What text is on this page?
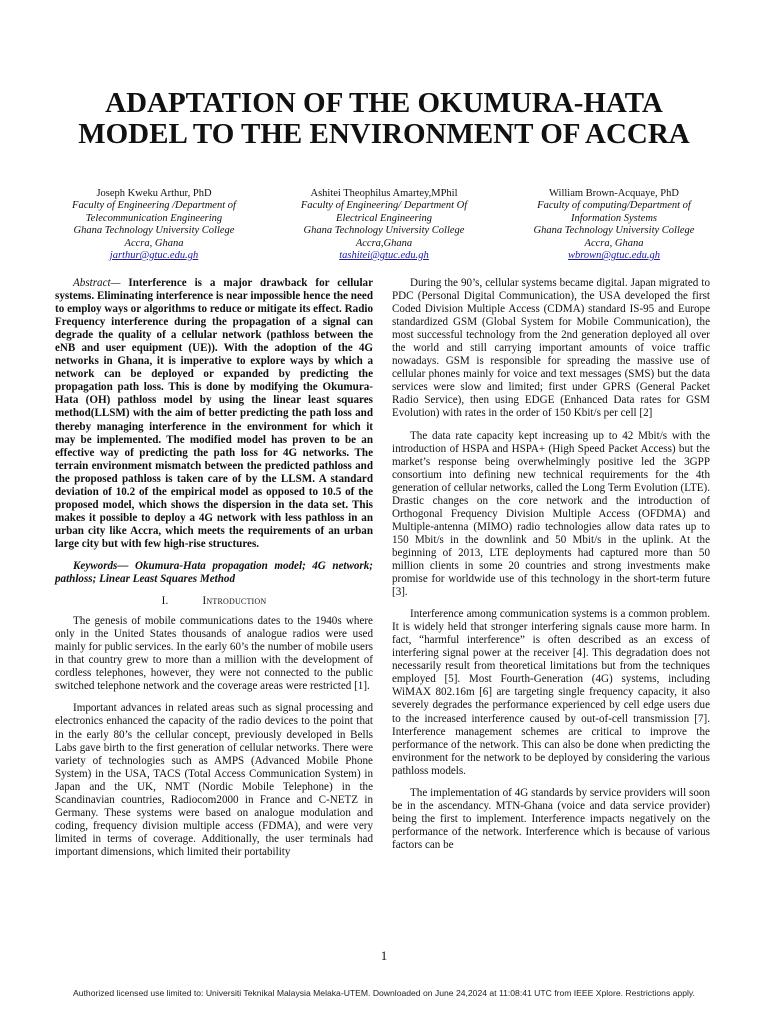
ADAPTATION OF THE OKUMURA-HATA MODEL TO THE ENVIRONMENT OF ACCRA
Joseph Kweku Arthur, PhD
Faculty of Engineering /Department of
Telecommunication Engineering
Ghana Technology University College
Accra, Ghana
jarthur@gtuc.edu.gh
Ashitei Theophilus Amartey,MPhil
Faculty of Engineering/ Department Of
Electrical Engineering
Ghana Technology University College
Accra,Ghana
tashitei@gtuc.edu.gh
William Brown-Acquaye, PhD
Faculty of computing/Department of
Information Systems
Ghana Technology University College
Accra, Ghana
wbrown@gtuc.edu.gh

Abstract— Interference is a major drawback for cellular systems. Eliminating interference is near impossible hence the need to employ ways or algorithms to reduce or mitigate its effect. Radio Frequency interference during the propagation of a signal can degrade the quality of a cellular network (pathloss between the eNB and user equipment (UE)). With the adoption of the 4G networks in Ghana, it is imperative to explore ways by which a network can be deployed or expanded by predicting the propagation path loss. This is done by modifying the Okumura-Hata (OH) pathloss model by using the linear least squares method(LLSM) with the aim of better predicting the path loss and thereby managing interference in the environment for which it may be implemented. The modified model has proven to be an effective way of predicting the path loss for 4G networks. The terrain environment mismatch between the predicted pathloss and the proposed pathloss is taken care of by the LLSM. A standard deviation of 10.2 of the empirical model as opposed to 10.5 of the proposed model, which shows the dispersion in the data set. This makes it possible to deploy a 4G network with less pathloss in an urban city like Accra, which meets the requirements of an urban large city but with few high-rise structures.

Keywords— Okumura-Hata propagation model; 4G network; pathloss; Linear Least Squares Method

I.	Introduction

The genesis of mobile communications dates to the 1940s where only in the United States thousands of analogue radios were used mainly for public services. In the early 60’s the number of mobile users in that country grew to more than a million with the development of cordless telephones, however, they were not connected to the public switched telephone network and the coverage areas were restricted [1].

Important advances in related areas such as signal processing and electronics enhanced the capacity of the radio devices to the point that in the early 80’s the cellular concept, previously developed in Bells Labs gave birth to the first generation of cellular networks. There were variety of technologies such as AMPS (Advanced Mobile Phone System) in the USA, TACS (Total Access Communication System) in Japan and the UK, NMT (Nordic Mobile Telephone) in the Scandinavian countries, Radiocom2000 in France and C-NETZ in Germany. These systems were based on analogue modulation and coding, frequency division multiple access (FDMA), and were very limited in terms of coverage. Additionally, the user terminals had important dimensions, which limited their portability

During the 90’s, cellular systems became digital. Japan migrated to PDC (Personal Digital Communication), the USA developed the first Coded Division Multiple Access (CDMA) standard IS-95 and Europe standardized GSM (Global System for Mobile Communication), the most successful technology from the 2nd generation deployed all over the world and still carrying important amounts of voice traffic nowadays. GSM is responsible for spreading the massive use of cellular phones mainly for voice and text messages (SMS) but the data services were slow and limited; first under GPRS (General Packet Radio Service), then using EDGE (Enhanced Data rates for GSM Evolution) with rates in the order of 150 Kbit/s per cell [2]

The data rate capacity kept increasing up to 42 Mbit/s with the introduction of HSPA and HSPA+ (High Speed Packet Access) but the market’s response being overwhelmingly positive led the 3GPP consortium into defining new technical requirements for the 4th generation of cellular networks, called the Long Term Evolution (LTE). Drastic changes on the core network and the introduction of Orthogonal Frequency Division Multiple Access (OFDMA) and Multiple-antenna (MIMO) radio technologies allow data rates up to 150 Mbit/s in the downlink and 50 Mbit/s in the uplink. At the beginning of 2013, LTE deployments had captured more than 50 million clients in some 20 countries and strong investments make promise for worldwide use of this technology in the short-term future [3].

Interference among communication systems is a common problem. It is widely held that stronger interfering signals cause more harm. In fact, “harmful interference” is often described as an excess of interfering signal power at the receiver [4]. This degradation does not necessarily result from theoretical limitations but from the techniques employed [5]. Most Fourth-Generation (4G) systems, including WiMAX 802.16m [6] are targeting single frequency capacity, it also severely degrades the performance experienced by cell edge users due to the increased interference caused by out-of-cell transmission [7]. Interference management schemes are critical to improve the performance of the network. This can also be done when predicting the environment for the network to be deployed by considering the various pathloss models.

The implementation of 4G standards by service providers will soon be in the ascendancy. MTN-Ghana (voice and data service provider) being the first to implement. Interference impacts negatively on the performance of the network. Interference which is because of various factors can be

1
Authorized licensed use limited to: Universiti Teknikal Malaysia Melaka-UTEM. Downloaded on June 24,2024 at 11:08:41 UTC from IEEE Xplore. Restrictions apply.
